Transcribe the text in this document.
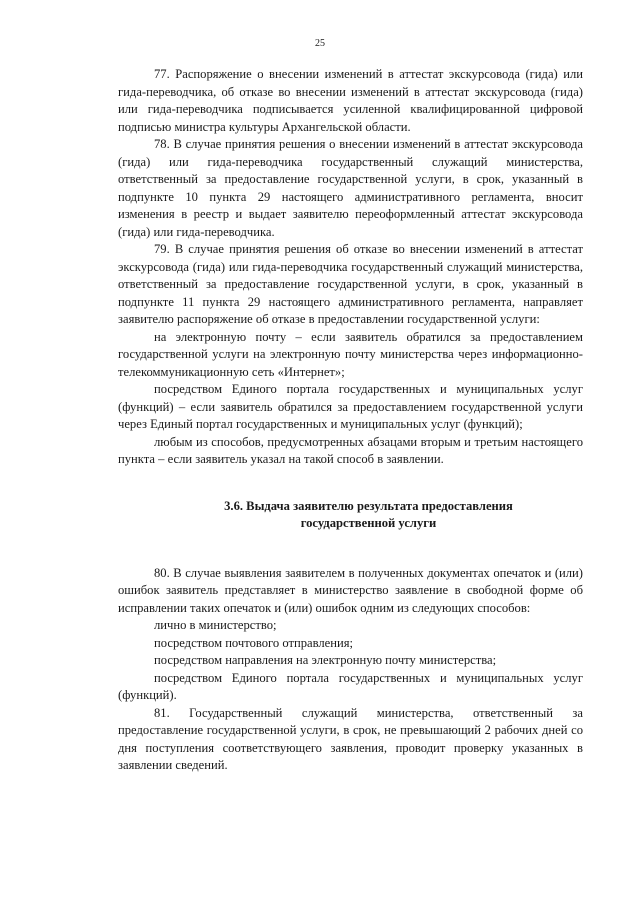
25

77. Распоряжение о внесении изменений в аттестат экскурсовода (гида) или гида-переводчика, об отказе во внесении изменений в аттестат экскурсовода (гида) или гида-переводчика подписывается усиленной квалифицированной цифровой подписью министра культуры Архангельской области.

78. В случае принятия решения о внесении изменений в аттестат экскурсовода (гида) или гида-переводчика государственный служащий министерства, ответственный за предоставление государственной услуги, в срок, указанный в подпункте 10 пункта 29 настоящего административного регламента, вносит изменения в реестр и выдает заявителю переоформленный аттестат экскурсовода (гида) или гида-переводчика.

79. В случае принятия решения об отказе во внесении изменений в аттестат экскурсовода (гида) или гида-переводчика государственный служащий министерства, ответственный за предоставление государственной услуги, в срок, указанный в подпункте 11 пункта 29 настоящего административного регламента, направляет заявителю распоряжение об отказе в предоставлении государственной услуги:

на электронную почту – если заявитель обратился за предоставлением государственной услуги на электронную почту министерства через информационно-телекоммуникационную сеть «Интернет»;

посредством Единого портала государственных и муниципальных услуг (функций) – если заявитель обратился за предоставлением государственной услуги через Единый портал государственных и муниципальных услуг (функций);

любым из способов, предусмотренных абзацами вторым и третьим настоящего пункта – если заявитель указал на такой способ в заявлении.

3.6. Выдача заявителю результата предоставления
государственной услуги

80. В случае выявления заявителем в полученных документах опечаток и (или) ошибок заявитель представляет в министерство заявление в свободной форме об исправлении таких опечаток и (или) ошибок одним из следующих способов:

лично в министерство;

посредством почтового отправления;

посредством направления на электронную почту министерства;

посредством Единого портала государственных и муниципальных услуг (функций).

81. Государственный служащий министерства, ответственный за предоставление государственной услуги, в срок, не превышающий 2 рабочих дней со дня поступления соответствующего заявления, проводит проверку указанных в заявлении сведений.
